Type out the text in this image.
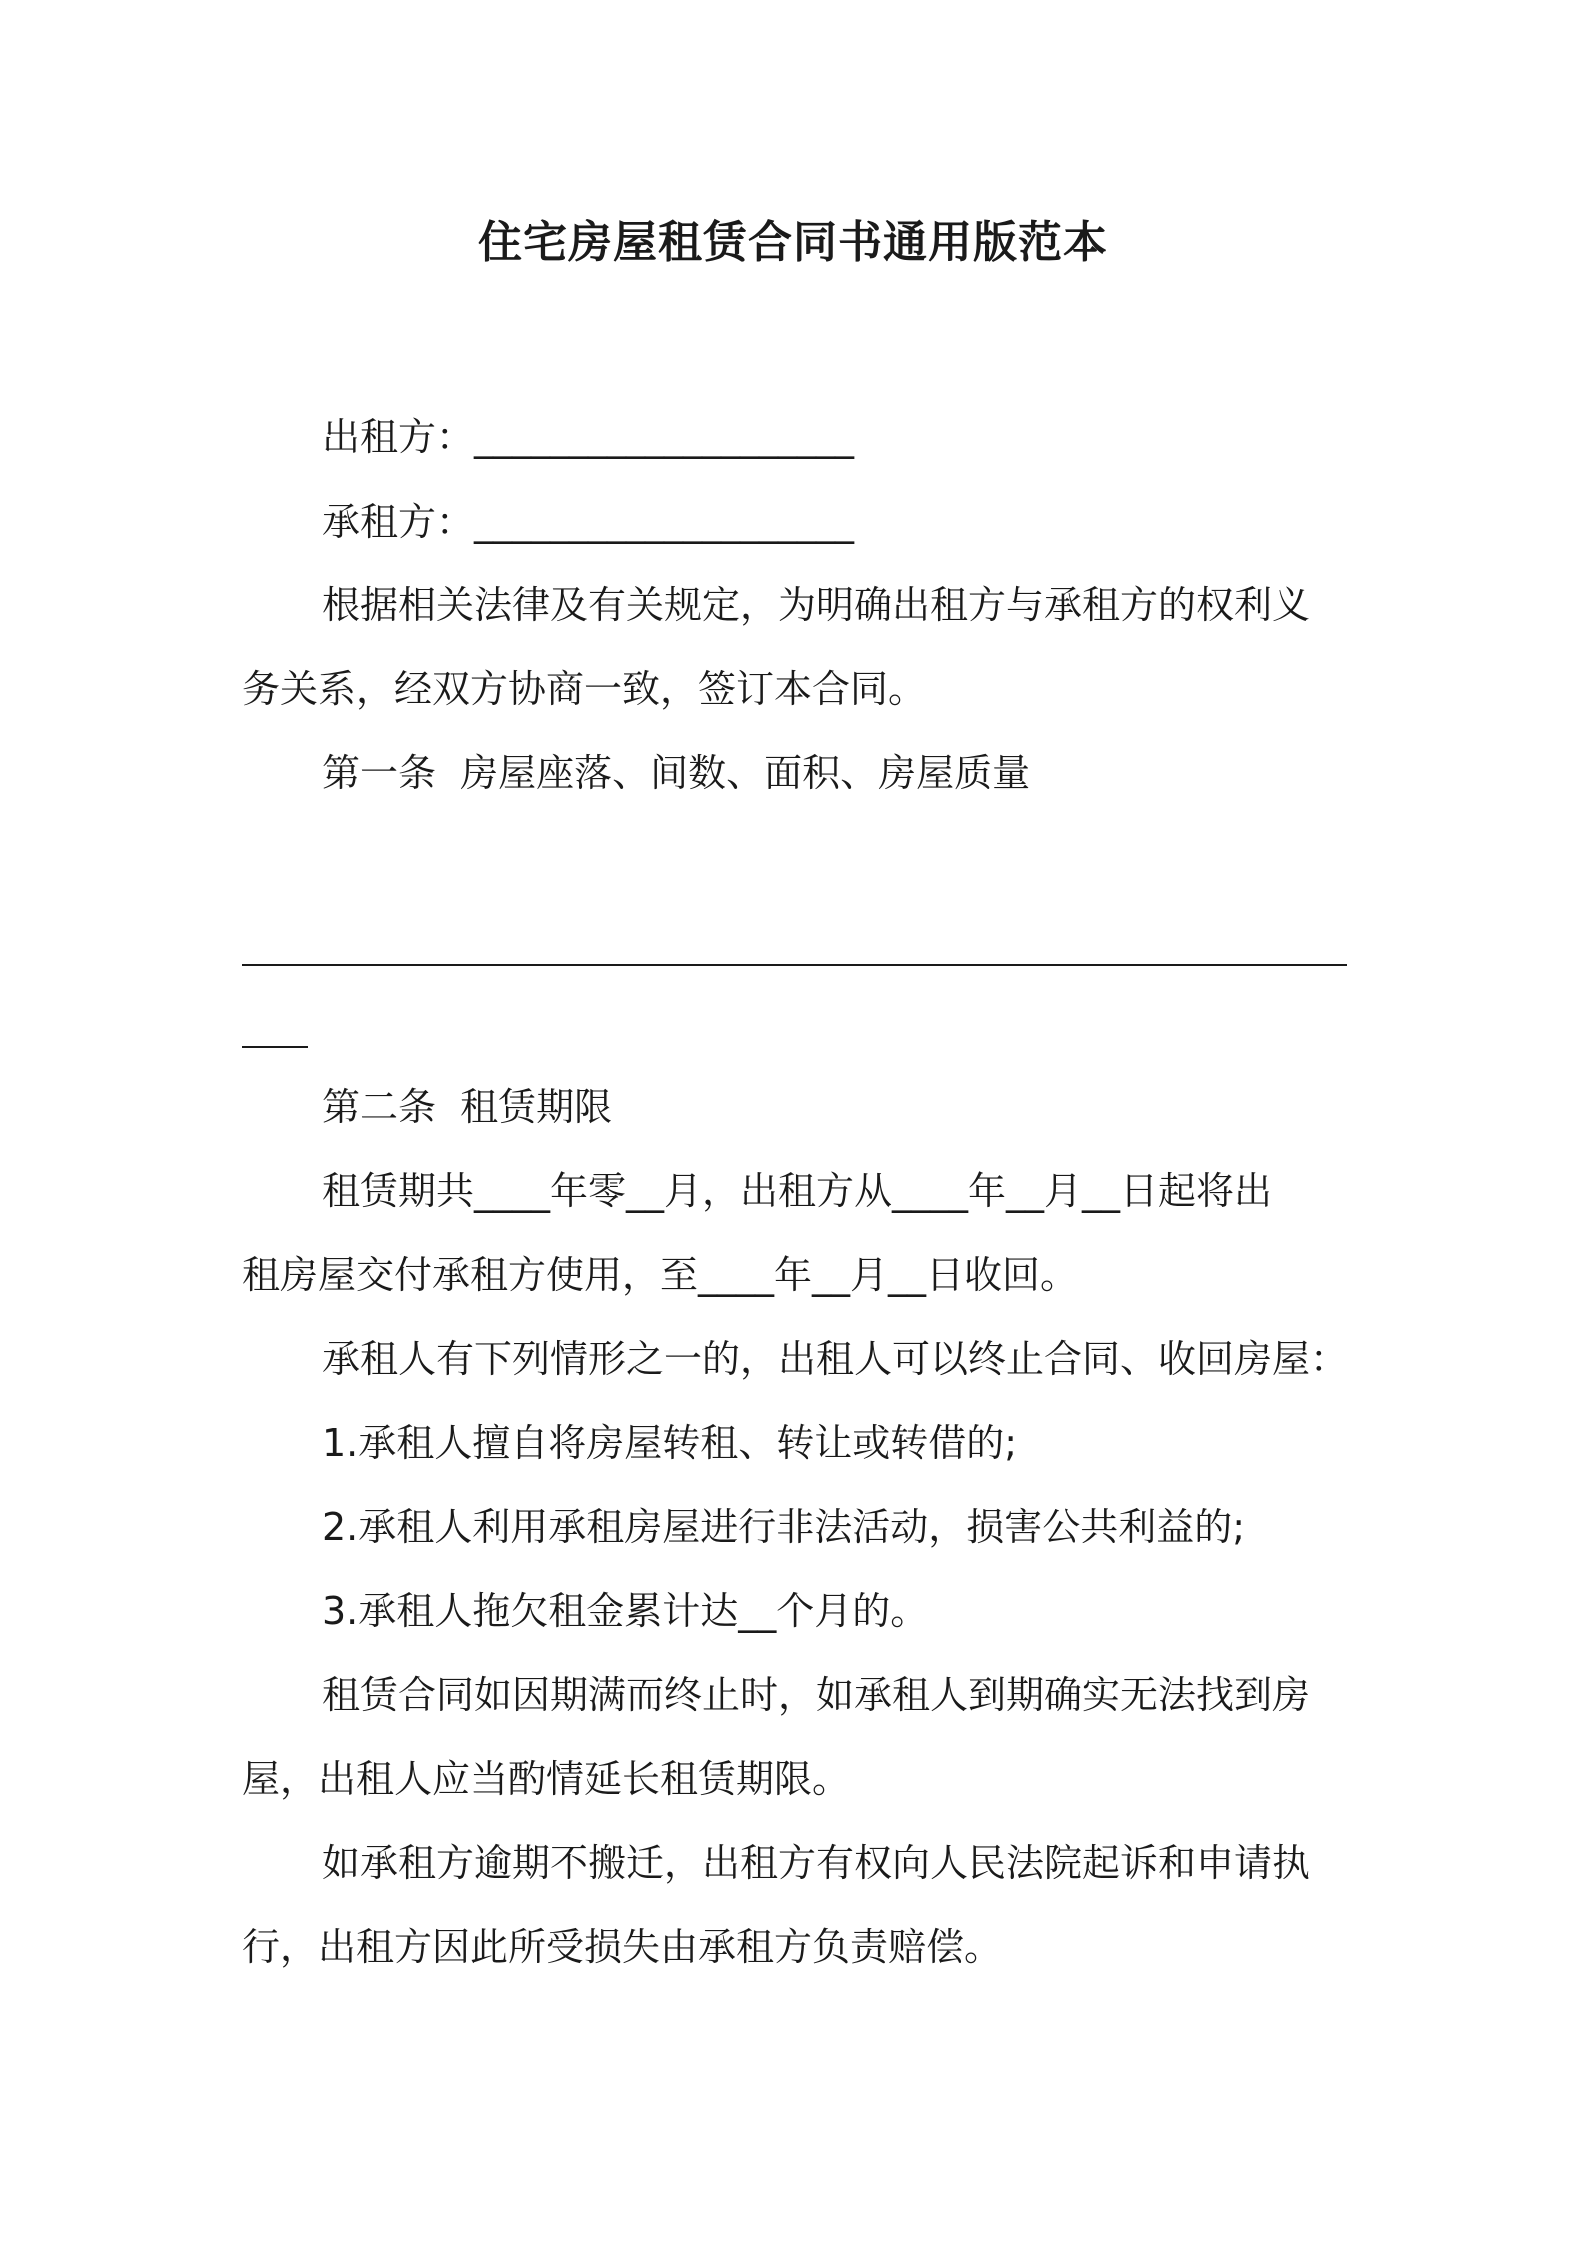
住宅房屋租赁合同书通用版范本
出租方：____________________
承租方：____________________
根据相关法律及有关规定，为明确出租方与承租方的权利义
务关系，经双方协商一致，签订本合同。
第一条  房屋座落、间数、面积、房屋质量
第二条  租赁期限
租赁期共____年零__月，出租方从____年__月__日起将出
租房屋交付承租方使用，至____年__月__日收回。
承租人有下列情形之一的，出租人可以终止合同、收回房屋：
1.承租人擅自将房屋转租、转让或转借的;
2.承租人利用承租房屋进行非法活动，损害公共利益的;
3.承租人拖欠租金累计达__个月的。
租赁合同如因期满而终止时，如承租人到期确实无法找到房
屋，出租人应当酌情延长租赁期限。
如承租方逾期不搬迁，出租方有权向人民法院起诉和申请执
行，出租方因此所受损失由承租方负责赔偿。
